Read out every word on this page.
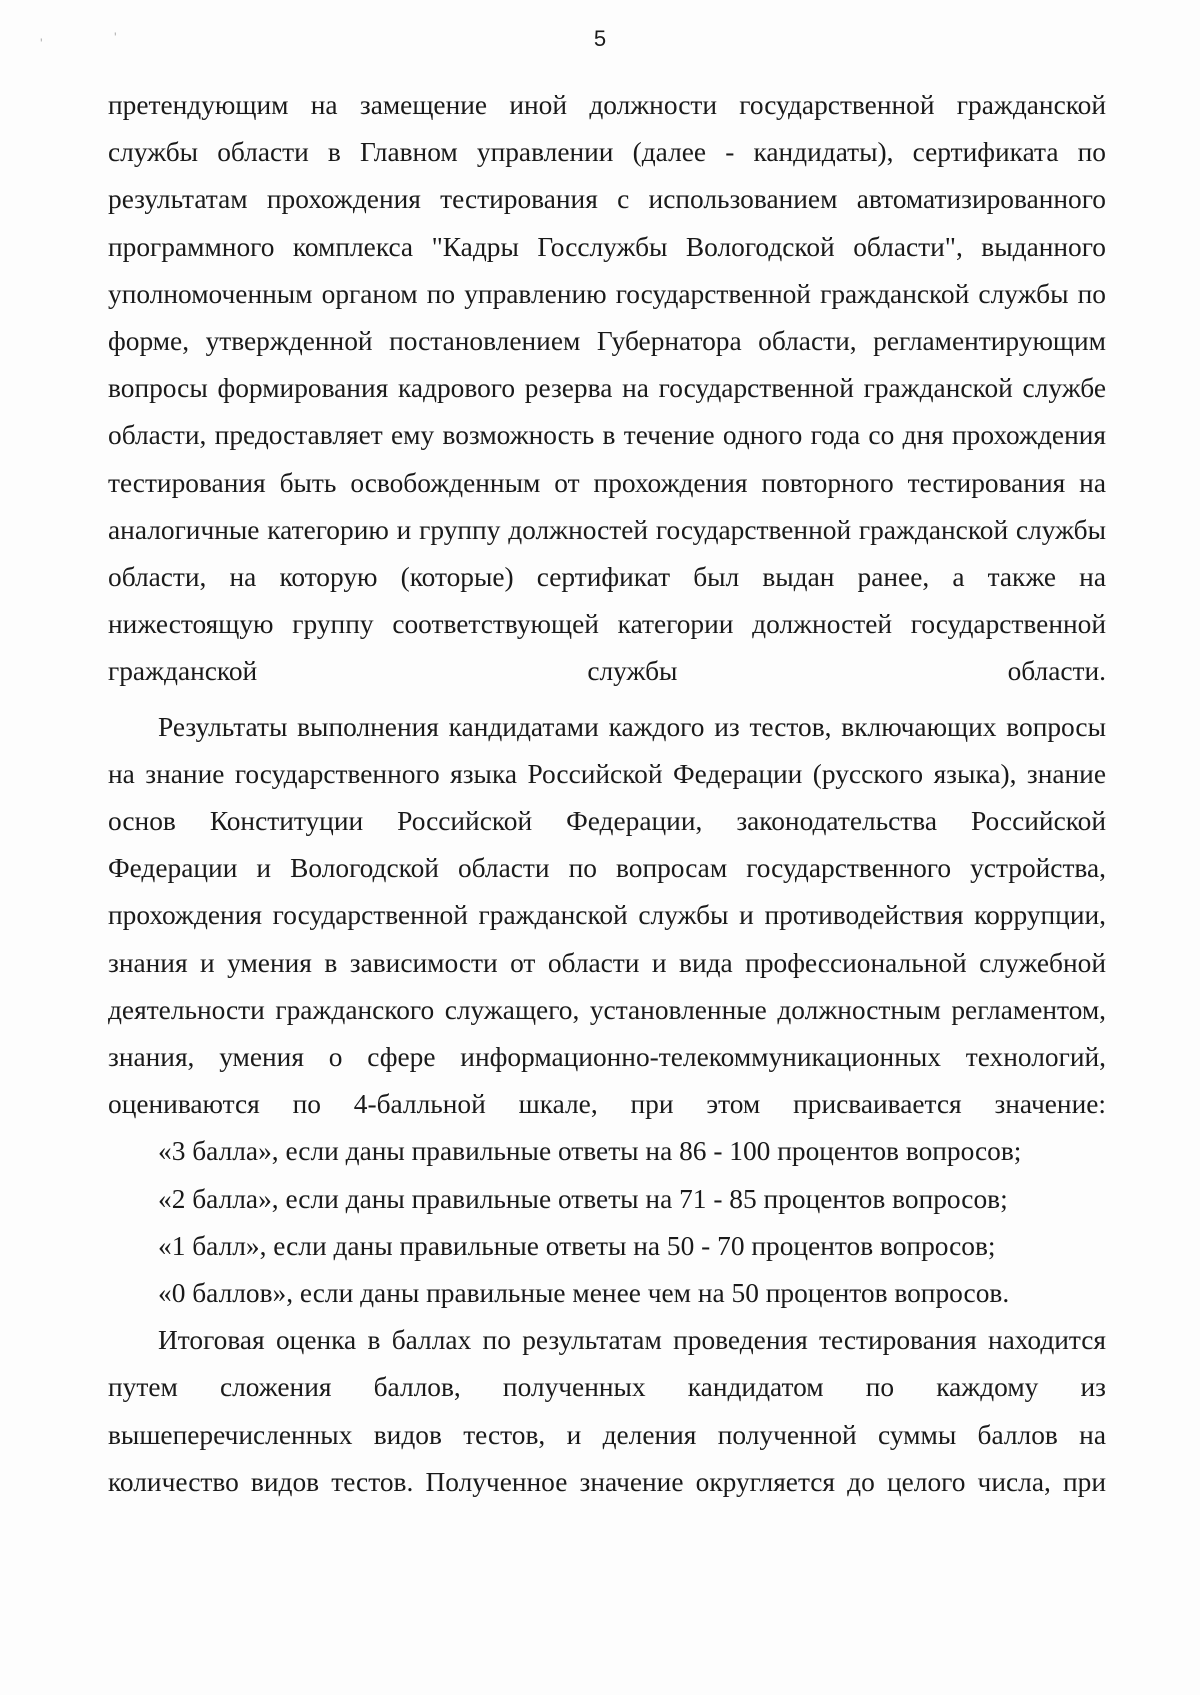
'	'	5

претендующим на замещение иной должности государственной гражданской службы области в Главном управлении (далее - кандидаты), сертификата по результатам прохождения тестирования с использованием автоматизированного программного комплекса "Кадры Госслужбы Вологодской области", выданного уполномоченным органом по управлению государственной гражданской службы по форме, утвержденной постановлением Губернатора области, регламентирующим вопросы формирования кадрового резерва на государственной гражданской службе области, предоставляет ему возможность в течение одного года со дня прохождения тестирования быть освобожденным от прохождения повторного тестирования на аналогичные категорию и группу должностей государственной гражданской службы области, на которую (которые) сертификат был выдан ранее, а также на нижестоящую группу соответствующей категории должностей государственной гражданской службы области.

Результаты выполнения кандидатами каждого из тестов, включающих вопросы на знание государственного языка Российской Федерации (русского языка), знание основ Конституции Российской Федерации, законодательства Российской Федерации и Вологодской области по вопросам государственного устройства, прохождения государственной гражданской службы и противодействия коррупции, знания и умения в зависимости от области и вида профессиональной служебной деятельности гражданского служащего, установленные должностным регламентом, знания, умения о сфере информационно-телекоммуникационных технологий, оцениваются по 4-балльной шкале, при этом присваивается значение:

«3 балла», если даны правильные ответы на 86 - 100 процентов вопросов;
«2 балла», если даны правильные ответы на 71 - 85 процентов вопросов;
«1 балл», если даны правильные ответы на 50 - 70 процентов вопросов;
«0 баллов», если даны правильные менее чем на 50 процентов вопросов.

Итоговая оценка в баллах по результатам проведения тестирования находится путем сложения баллов, полученных кандидатом по каждому из вышеперечисленных видов тестов, и деления полученной суммы баллов на количество видов тестов. Полученное значение округляется до целого числа, при
